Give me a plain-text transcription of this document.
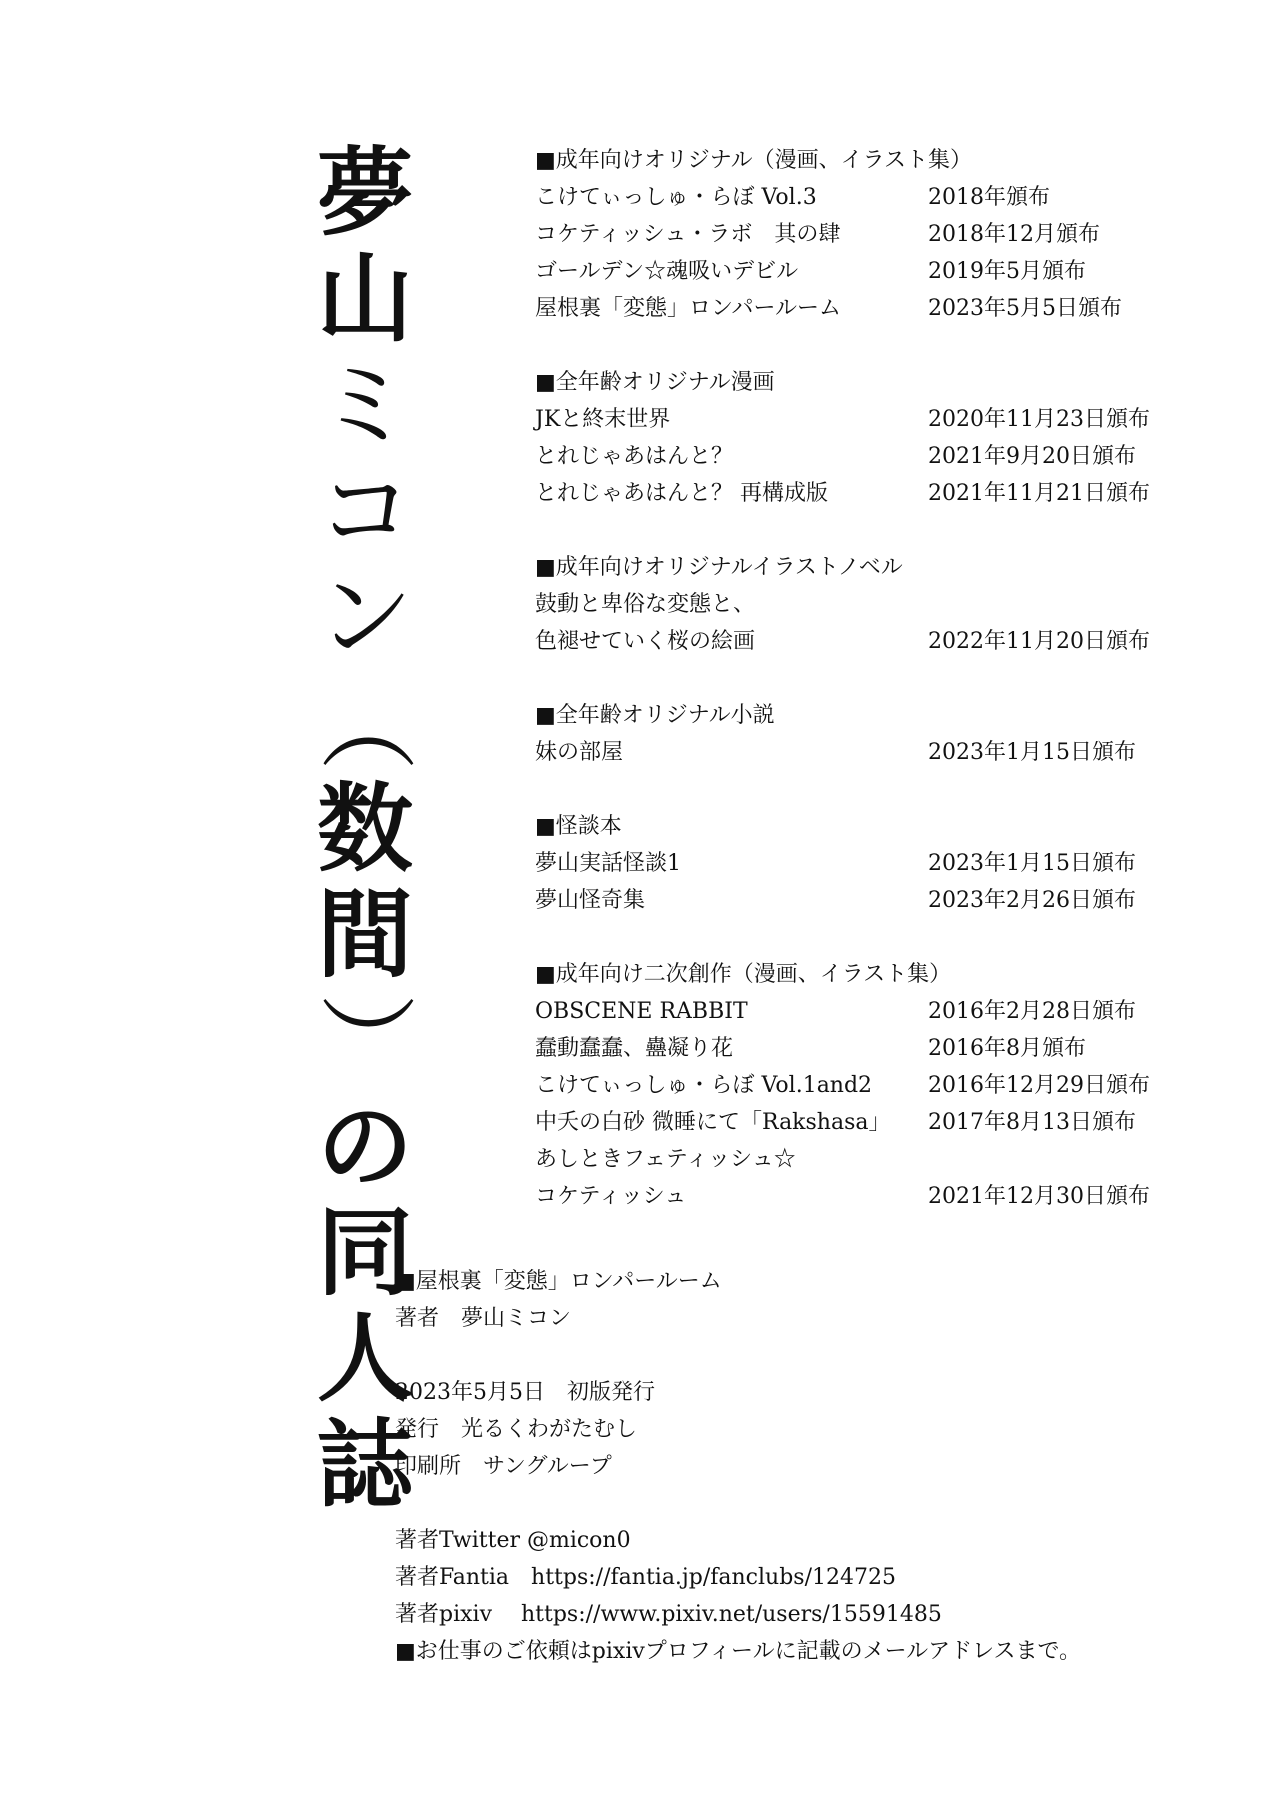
夢
山
ミ
コ
ン
（
数
間
）
の
同
人
誌
■成年向けオリジナル（漫画、イラスト集）
こけてぃっしゅ・らぼ Vol.3	2018年頒布
コケティッシュ・ラボ　其の肆	2018年12月頒布
ゴールデン☆魂吸いデビル	2019年5月頒布
屋根裏「変態」ロンパールーム	2023年5月5日頒布
■全年齢オリジナル漫画
JKと終末世界	2020年11月23日頒布
とれじゃあはんと？	2021年9月20日頒布
とれじゃあはんと？ 再構成版	2021年11月21日頒布
■成年向けオリジナルイラストノベル
鼓動と卑俗な変態と、
色褪せていく桜の絵画	2022年11月20日頒布
■全年齢オリジナル小説
妹の部屋	2023年1月15日頒布
■怪談本
夢山実話怪談1	2023年1月15日頒布
夢山怪奇集	2023年2月26日頒布
■成年向け二次創作（漫画、イラスト集）
OBSCENE RABBIT	2016年2月28日頒布
蠢動蠢蠢、蠱凝り花	2016年8月頒布
こけてぃっしゅ・らぼ Vol.1and2	2016年12月29日頒布
中夭の白砂 微睡にて「Rakshasa」 2017年8月13日頒布
あしときフェティッシュ☆
コケティッシュ	2021年12月30日頒布
■屋根裏「変態」ロンパールーム
著者　夢山ミコン
2023年5月5日　初版発行
発行　光るくわがたむし
印刷所　サングループ
著者Twitter @micon0
著者Fantia　https://fantia.jp/fanclubs/124725
著者pixiv　 https://www.pixiv.net/users/15591485
■お仕事のご依頼はpixivプロフィールに記載のメールアドレスまで。
